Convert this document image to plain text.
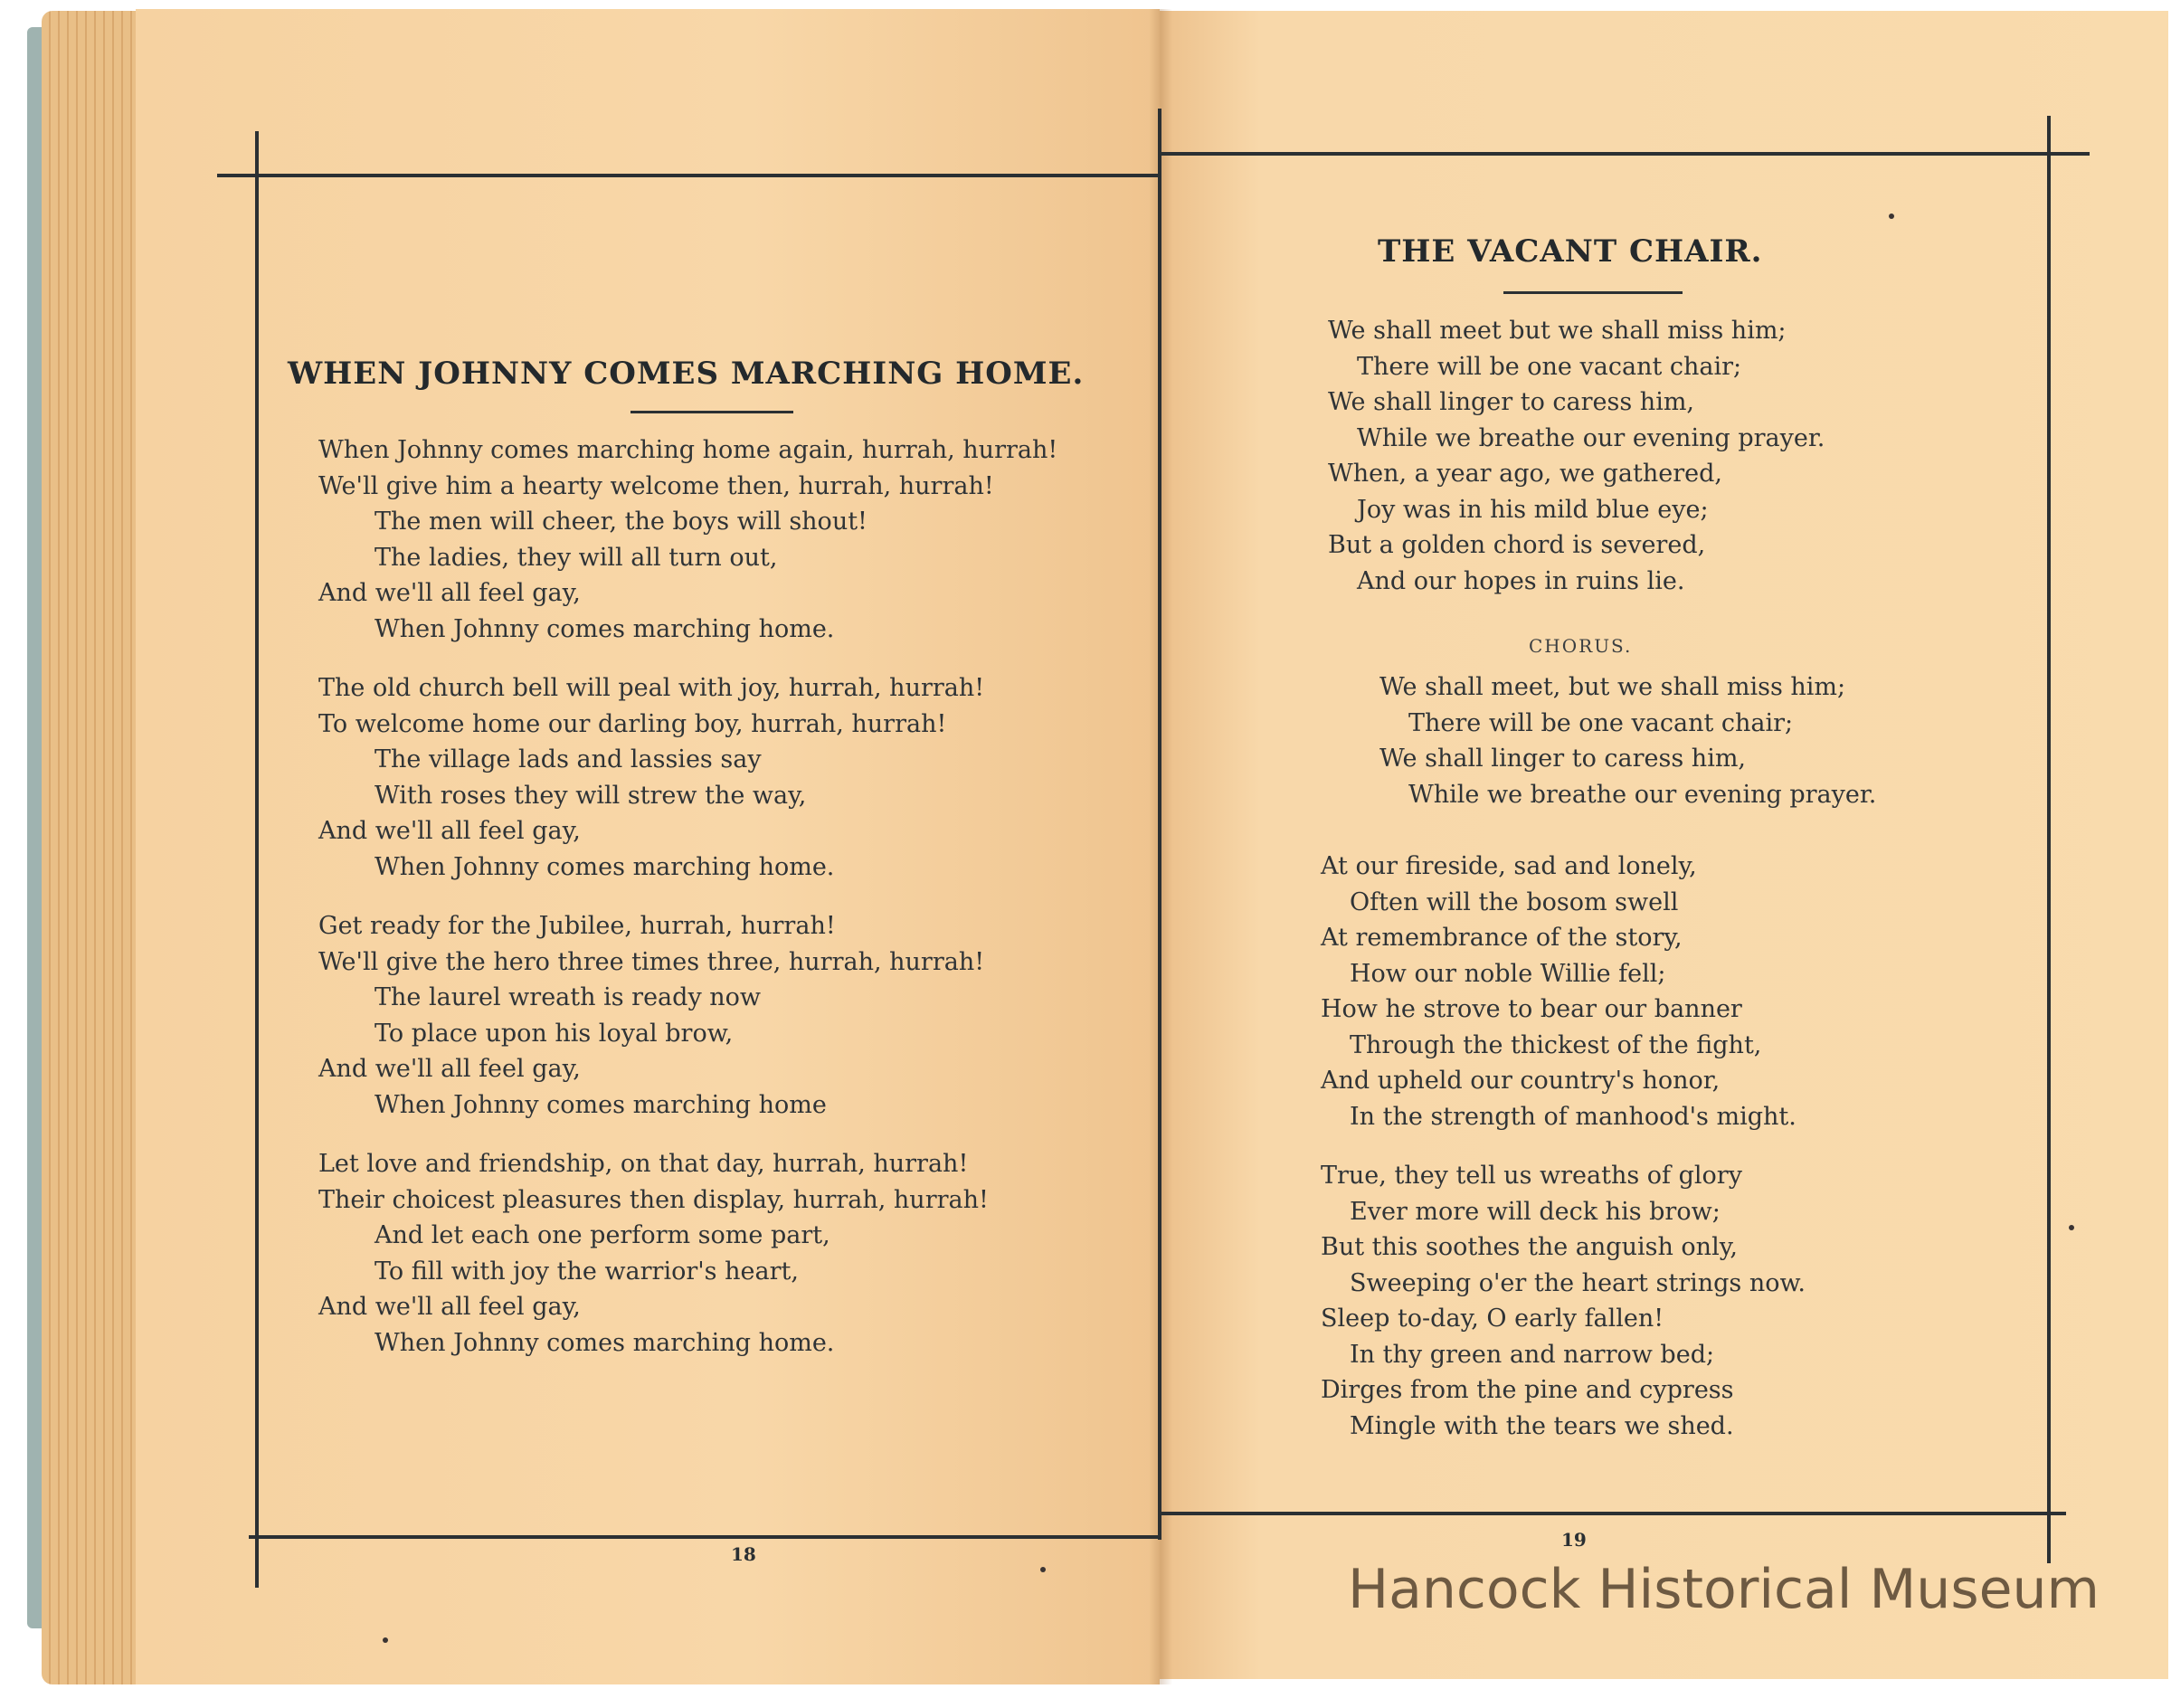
WHEN JOHNNY COMES MARCHING HOME.
When Johnny comes marching home again, hurrah, hurrah!
We'll give him a hearty welcome then, hurrah, hurrah!
The men will cheer, the boys will shout!
The ladies, they will all turn out,
And we'll all feel gay,
When Johnny comes marching home.
The old church bell will peal with joy, hurrah, hurrah!
To welcome home our darling boy, hurrah, hurrah!
The village lads and lassies say
With roses they will strew the way,
And we'll all feel gay,
When Johnny comes marching home.
Get ready for the Jubilee, hurrah, hurrah!
We'll give the hero three times three, hurrah, hurrah!
The laurel wreath is ready now
To place upon his loyal brow,
And we'll all feel gay,
When Johnny comes marching home
Let love and friendship, on that day, hurrah, hurrah!
Their choicest pleasures then display, hurrah, hurrah!
And let each one perform some part,
To fill with joy the warrior's heart,
And we'll all feel gay,
When Johnny comes marching home.
18
THE VACANT CHAIR.
We shall meet but we shall miss him;
There will be one vacant chair;
We shall linger to caress him,
While we breathe our evening prayer.
When, a year ago, we gathered,
Joy was in his mild blue eye;
But a golden chord is severed,
And our hopes in ruins lie.
CHORUS.
We shall meet, but we shall miss him;
There will be one vacant chair;
We shall linger to caress him,
While we breathe our evening prayer.
At our fireside, sad and lonely,
Often will the bosom swell
At remembrance of the story,
How our noble Willie fell;
How he strove to bear our banner
Through the thickest of the fight,
And upheld our country's honor,
In the strength of manhood's might.
True, they tell us wreaths of glory
Ever more will deck his brow;
But this soothes the anguish only,
Sweeping o'er the heart strings now.
Sleep to-day, O early fallen!
In thy green and narrow bed;
Dirges from the pine and cypress
Mingle with the tears we shed.
19
Hancock Historical Museum
